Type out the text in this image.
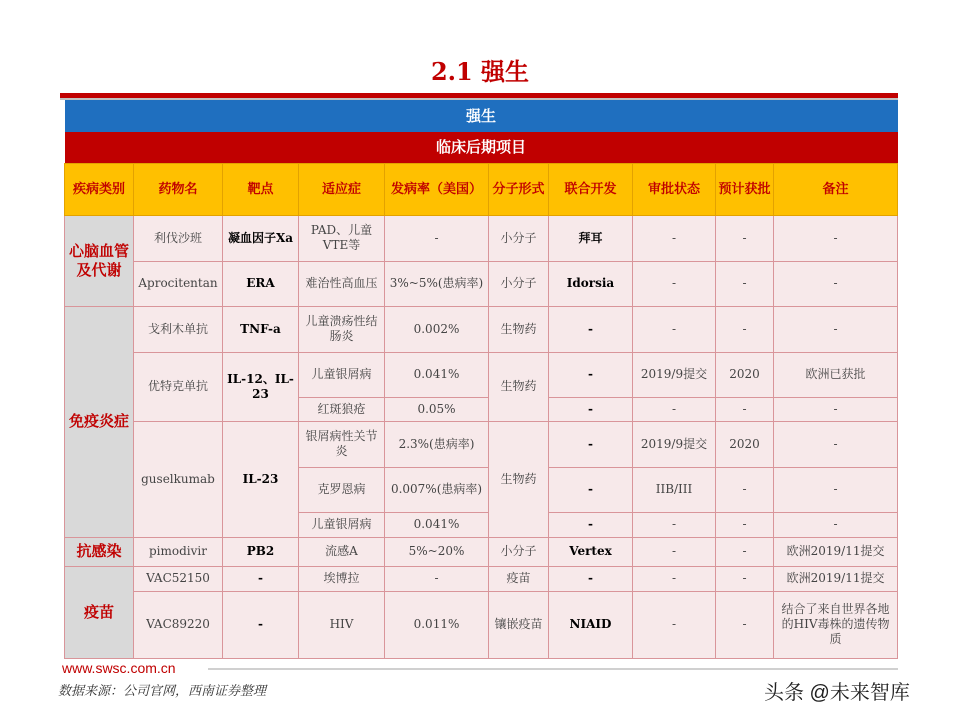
2.1 强生
强生									
临床后期项目									
疾病类别	药物名	靶点	适应症	发病率（美国）	分子形式	联合开发	审批状态	预计获批	备注
心脑血管及代谢	利伐沙班	凝血因子Xa	PAD、儿童VTE等	-	小分子	拜耳	-	-	-
	Aprocitentan	ERA	难治性高血压	3%~5%(患病率)	小分子	Idorsia	-	-	-
免疫炎症	戈利木单抗	TNF-a	儿童溃疡性结肠炎	0.002%	生物药	-	-	-	-
	优特克单抗	IL-12、IL-23	儿童银屑病	0.041%	生物药	-	2019/9提交	2020	欧洲已获批
			红斑狼疮	0.05%		-	-	-	-
	guselkumab	IL-23	银屑病性关节炎	2.3%(患病率)	生物药	-	2019/9提交	2020	-
			克罗恩病	0.007%(患病率)		-	IIB/III	-	-
			儿童银屑病	0.041%		-	-	-	-
抗感染	pimodivir	PB2	流感A	5%~20%	小分子	Vertex	-	-	欧洲2019/11提交
疫苗	VAC52150	-	埃博拉	-	疫苗	-	-	-	欧洲2019/11提交
	VAC89220	-	HIV	0.011%	镶嵌疫苗	NIAID	-	-	结合了来自世界各地的HIV毒株的遗传物质
www.swsc.com.cn
数据来源：公司官网，西南证券整理	头条 @未来智库
